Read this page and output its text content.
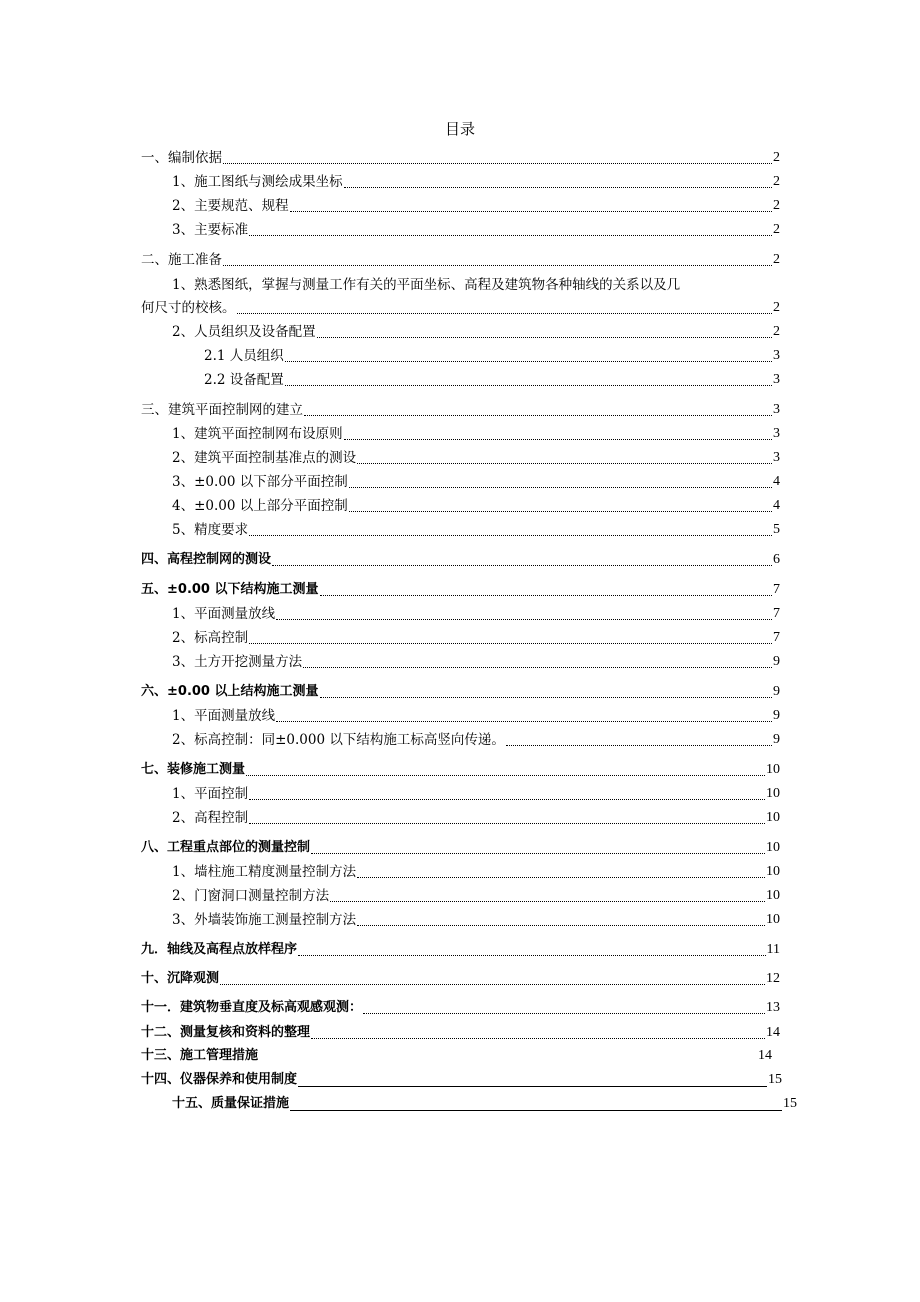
目录
一、编制依据	2
1、施工图纸与测绘成果坐标	2
2、主要规范、规程	2
3、主要标准	2
二、施工准备	2
1、熟悉图纸，掌握与测量工作有关的平面坐标、高程及建筑物各种轴线的关系以及几
何尺寸的校核。	2
2、人员组织及设备配置	2
2.1 人员组织	3
2.2 设备配置	3
三、建筑平面控制网的建立	3
1、建筑平面控制网布设原则	3
2、建筑平面控制基准点的测设	3
3、±0.00 以下部分平面控制	4
4、±0.00 以上部分平面控制	4
5、精度要求	5
四、高程控制网的测设	6
五、±0.00 以下结构施工测量	7
1、平面测量放线	7
2、标高控制	7
3、土方开挖测量方法	9
六、±0.00 以上结构施工测量	9
1、平面测量放线	9
2、标高控制：同±0.000 以下结构施工标高竖向传递。	9
七、装修施工测量	10
1、平面控制	10
2、高程控制	10
八、工程重点部位的测量控制	10
1、墙柱施工精度测量控制方法	10
2、门窗洞口测量控制方法	10
3、外墙装饰施工测量控制方法	10
九．轴线及高程点放样程序	11
十、沉降观测	12
十一．建筑物垂直度及标高观感观测：	13
十二、测量复核和资料的整理	14
十三、施工管理措施	14
十四、仪器保养和使用制度	15
十五、质量保证措施	15
